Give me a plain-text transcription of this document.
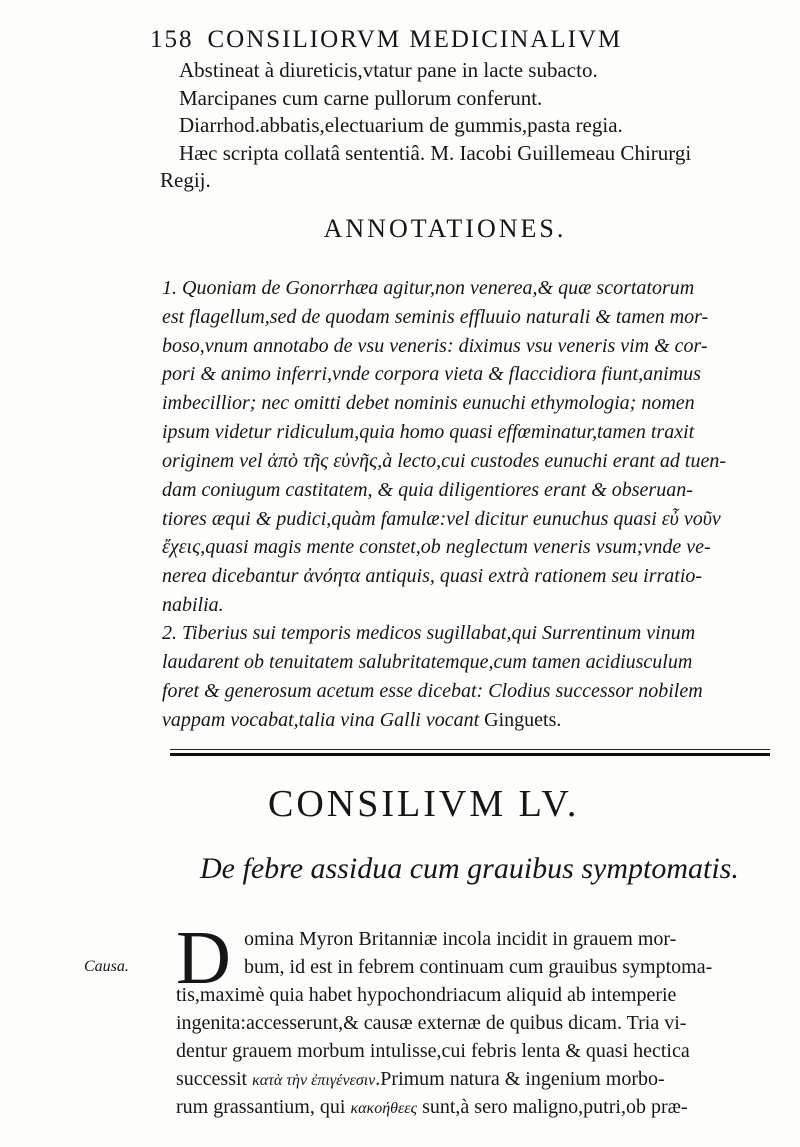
158 CONSILIORVM MEDICINALIVM
Abstineat à diureticis,vtatur pane in lacte subacto.
Marcipanes cum carne pullorum conferunt.
Diarrhod.abbatis,electuarium de gummis,pasta regia.
Hæc scripta collatâ sententiâ. M. Iacobi Guillemeau Chirurgi
Regij.
ANNOTATIONES.
1. Quoniam de Gonorrhæa agitur,non venerea,& quæ scortatorum
est flagellum,sed de quodam seminis effluuio naturali & tamen mor-
boso,vnum annotabo de vsu veneris: diximus vsu veneris vim & cor-
pori & animo inferri,vnde corpora vieta & flaccidiora fiunt,animus
imbecillior; nec omitti debet nominis eunuchi ethymologia; nomen
ipsum videtur ridiculum,quia homo quasi effœminatur,tamen traxit
originem vel ἀπὸ τῆς εὐνῆς,à lecto,cui custodes eunuchi erant ad tuen-
dam coniugum castitatem, & quia diligentiores erant & obseruan-
tiores æqui & pudici,quàm famulæ:vel dicitur eunuchus quasi εὖ νοῦν
ἔχεις,quasi magis mente constet,ob neglectum veneris vsum;vnde ve-
nerea dicebantur ἀνόητα antiquis, quasi extrà rationem seu irratio-
nabilia.
2. Tiberius sui temporis medicos sugillabat,qui Surrentinum vinum
laudarent ob tenuitatem salubritatemque,cum tamen acidiusculum
foret & generosum acetum esse dicebat: Clodius successor nobilem
vappam vocabat,talia vina Galli vocant Ginguets.
CONSILIVM LV.
De febre assidua cum grauibus symptomatis.
Causa. D omina Myron Britanniæ incola incidit in grauem mor-
bum, id est in febrem continuam cum grauibus symptoma-
tis,maximè quia habet hypochondriacum aliquid ab intemperie
ingenita:accesserunt,& causæ externæ de quibus dicam. Tria vi-
dentur grauem morbum intulisse,cui febris lenta & quasi hectica
successit κατὰ τὴν ἐπιγένεσιν.Primum natura & ingenium morbo-
rum grassantium, qui κακοήθεες sunt,à sero maligno,putri,ob præ-
